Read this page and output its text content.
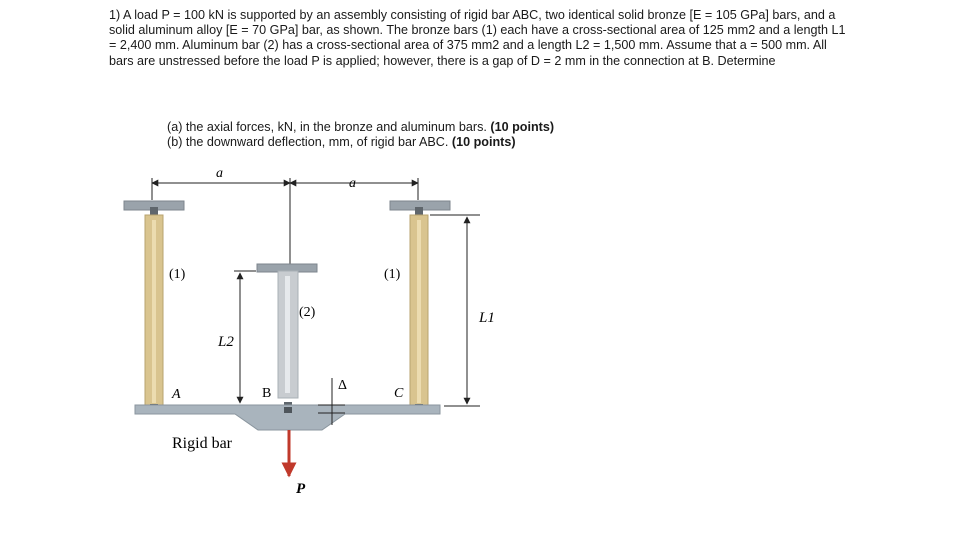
1) A load P = 100 kN is supported by an assembly consisting of rigid bar ABC, two identical solid bronze [E = 105 GPa] bars, and a solid aluminum alloy [E = 70 GPa] bar, as shown. The bronze bars (1) each have a cross-sectional area of 125 mm2 and a length L1 = 2,400 mm. Aluminum bar (2) has a cross-sectional area of 375 mm2 and a length L2 = 1,500 mm. Assume that a = 500 mm. All bars are unstressed before the load P is applied; however, there is a gap of D = 2 mm in the connection at B. Determine

(a) the axial forces, kN, in the bronze and aluminum bars. (10 points)
(b) the downward deflection, mm, of rigid bar ABC. (10 points)
a
a
L1
L2
Δ
(1)	(1)
(2)
A	B	C
Rigid bar
P
